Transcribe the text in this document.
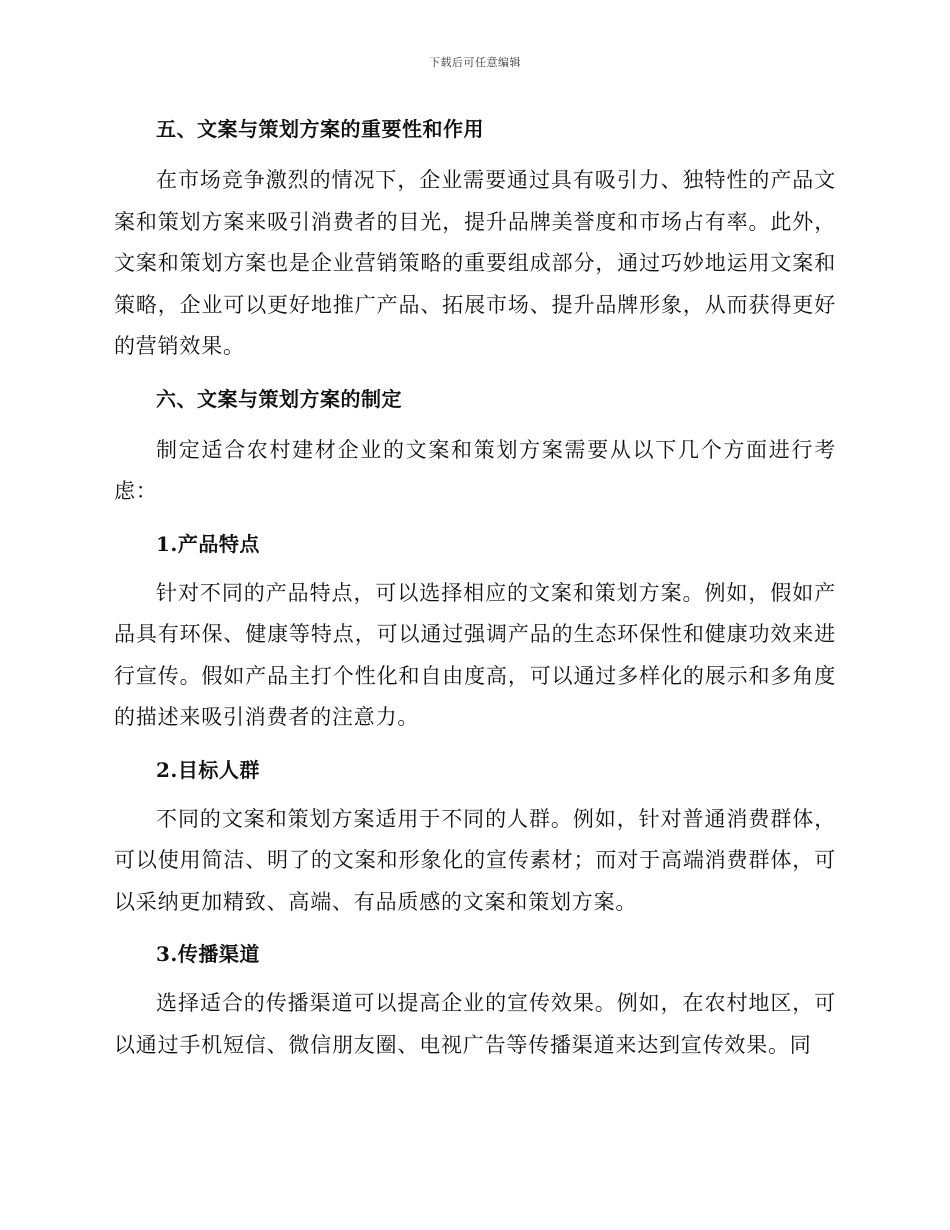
下载后可任意编辑
五、文案与策划方案的重要性和作用

在市场竞争激烈的情况下，企业需要通过具有吸引力、独特性的产品文案和策划方案来吸引消费者的目光，提升品牌美誉度和市场占有率。此外，文案和策划方案也是企业营销策略的重要组成部分，通过巧妙地运用文案和策略，企业可以更好地推广产品、拓展市场、提升品牌形象，从而获得更好的营销效果。

六、文案与策划方案的制定

制定适合农村建材企业的文案和策划方案需要从以下几个方面进行考虑：

1.产品特点

针对不同的产品特点，可以选择相应的文案和策划方案。例如，假如产品具有环保、健康等特点，可以通过强调产品的生态环保性和健康功效来进行宣传。假如产品主打个性化和自由度高，可以通过多样化的展示和多角度的描述来吸引消费者的注意力。

2.目标人群

不同的文案和策划方案适用于不同的人群。例如，针对普通消费群体，可以使用简洁、明了的文案和形象化的宣传素材；而对于高端消费群体，可以采纳更加精致、高端、有品质感的文案和策划方案。

3.传播渠道

选择适合的传播渠道可以提高企业的宣传效果。例如，在农村地区，可以通过手机短信、微信朋友圈、电视广告等传播渠道来达到宣传效果。同
